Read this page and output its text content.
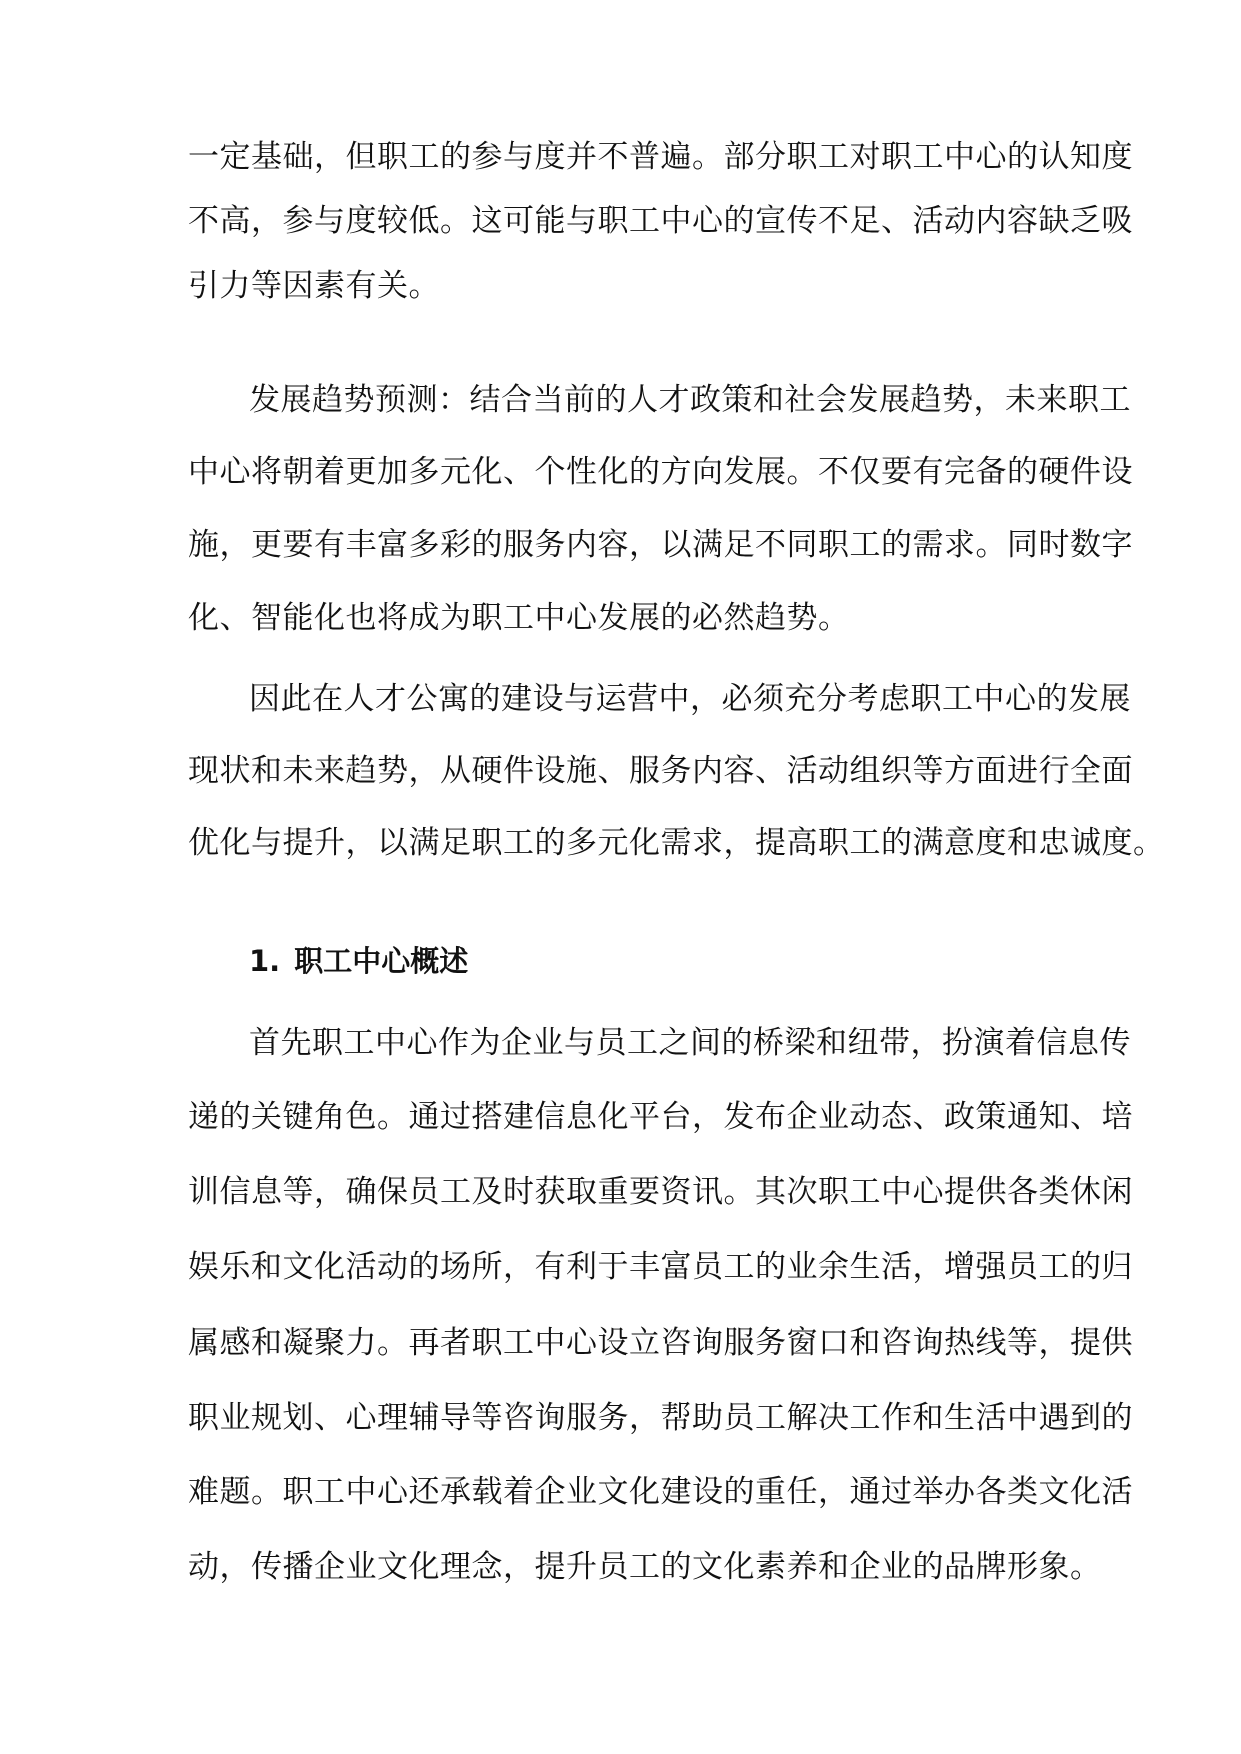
一定基础，但职工的参与度并不普遍。部分职工对职工中心的认知度
不高，参与度较低。这可能与职工中心的宣传不足、活动内容缺乏吸
引力等因素有关。
发展趋势预测：结合当前的人才政策和社会发展趋势，未来职工
中心将朝着更加多元化、个性化的方向发展。不仅要有完备的硬件设
施，更要有丰富多彩的服务内容，以满足不同职工的需求。同时数字
化、智能化也将成为职工中心发展的必然趋势。
因此在人才公寓的建设与运营中，必须充分考虑职工中心的发展
现状和未来趋势，从硬件设施、服务内容、活动组织等方面进行全面
优化与提升，以满足职工的多元化需求，提高职工的满意度和忠诚度。
1. 职工中心概述
首先职工中心作为企业与员工之间的桥梁和纽带，扮演着信息传
递的关键角色。通过搭建信息化平台，发布企业动态、政策通知、培
训信息等，确保员工及时获取重要资讯。其次职工中心提供各类休闲
娱乐和文化活动的场所，有利于丰富员工的业余生活，增强员工的归
属感和凝聚力。再者职工中心设立咨询服务窗口和咨询热线等，提供
职业规划、心理辅导等咨询服务，帮助员工解决工作和生活中遇到的
难题。职工中心还承载着企业文化建设的重任，通过举办各类文化活
动，传播企业文化理念，提升员工的文化素养和企业的品牌形象。
